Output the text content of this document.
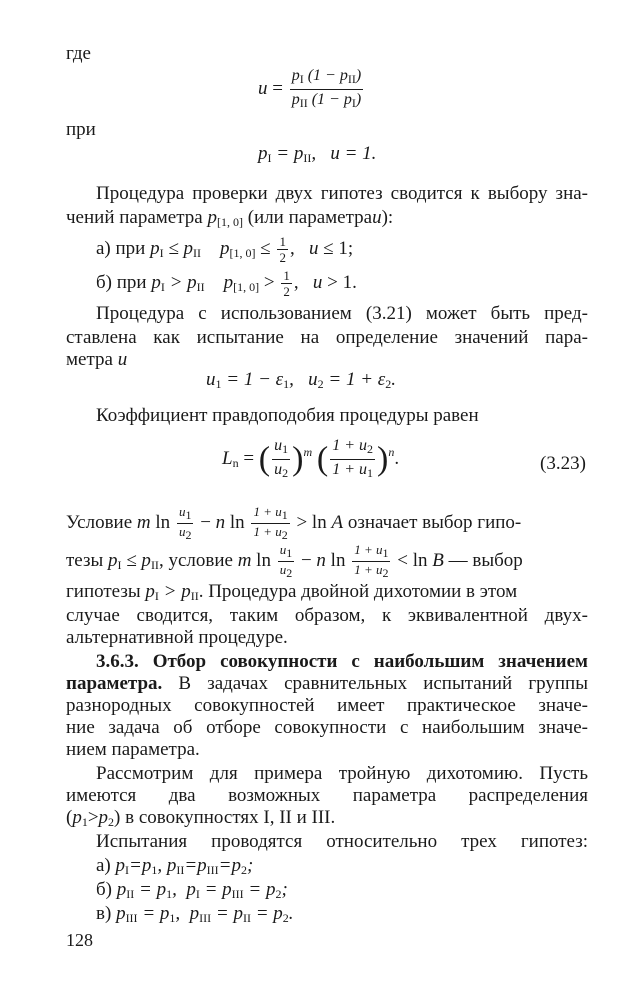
где
$u = \frac{p_I (1 - p_{II})}{p_{II} (1 - p_I)}$
при
$p_I = p_{II}$,   u = 1.
Процедура проверки двух гипотез сводится к выбору зна-
чений параметра $p_{[1, 0]}$ (или параметраu):
а) при $p_I \le p_{II}$ $p_{[1, 0]} \le \frac{1}{2}$ ,   u ≤ 1;
б) при $p_I > p_{II}$ $p_{[1, 0]} > \frac{1}{2}$ ,   u > 1.
Процедура с использованием (3.21) может быть пред-
ставлена как испытание на определение значений пара-
метра u
$u_1 = 1 - \varepsilon_1$,   $u_2 = 1 + \varepsilon_2$.
Коэффициент правдоподобия процедуры равен
$L_n$ = ( $\frac{u_1}{u_2} )^m$ ( $\frac{1 + u_2}{1 + u_1} )^n$.	(3.23)
Условие m $\ln \frac{u_1}{u_2} - n$ $\ln \frac{1 + u_1}{1 + u_2} > \ln A$ означает выбор гипо-
тезы $p_I \le p_{II}$, условие m $\ln \frac{u_1}{u_2} - n$ $\ln \frac{1 + u_1}{1 + u_2} < \ln B$ — выбор
гипотезы $p_I > p_{II}$. Процедура двойной дихотомии в этом
случае сводится, таким образом, к эквивалентной двух-
альтернативной процедуре.
3.6.3. Отбор совокупности с наибольшим значением
параметра. В задачах сравнительных испытаний группы
разнородных совокупностей имеет практическое значе-
ние задача об отборе совокупности с наибольшим значе-
нием параметра.
Рассмотрим для примера тройную дихотомию. Пусть
имеются два возможных параметра распределения
$(p_1>p_2)$ в совокупностях I, II и III.
Испытания проводятся относительно трех гипотез:
а) $p_I=p_1$, $p_{II}=p_{III}=p_2$;
б) $p_{II} = p_1$,  $p_I = p_{III} = p_2$;
в) $p_{III} = p_1$,  $p_{III} = p_{II} = p_2$.
128
